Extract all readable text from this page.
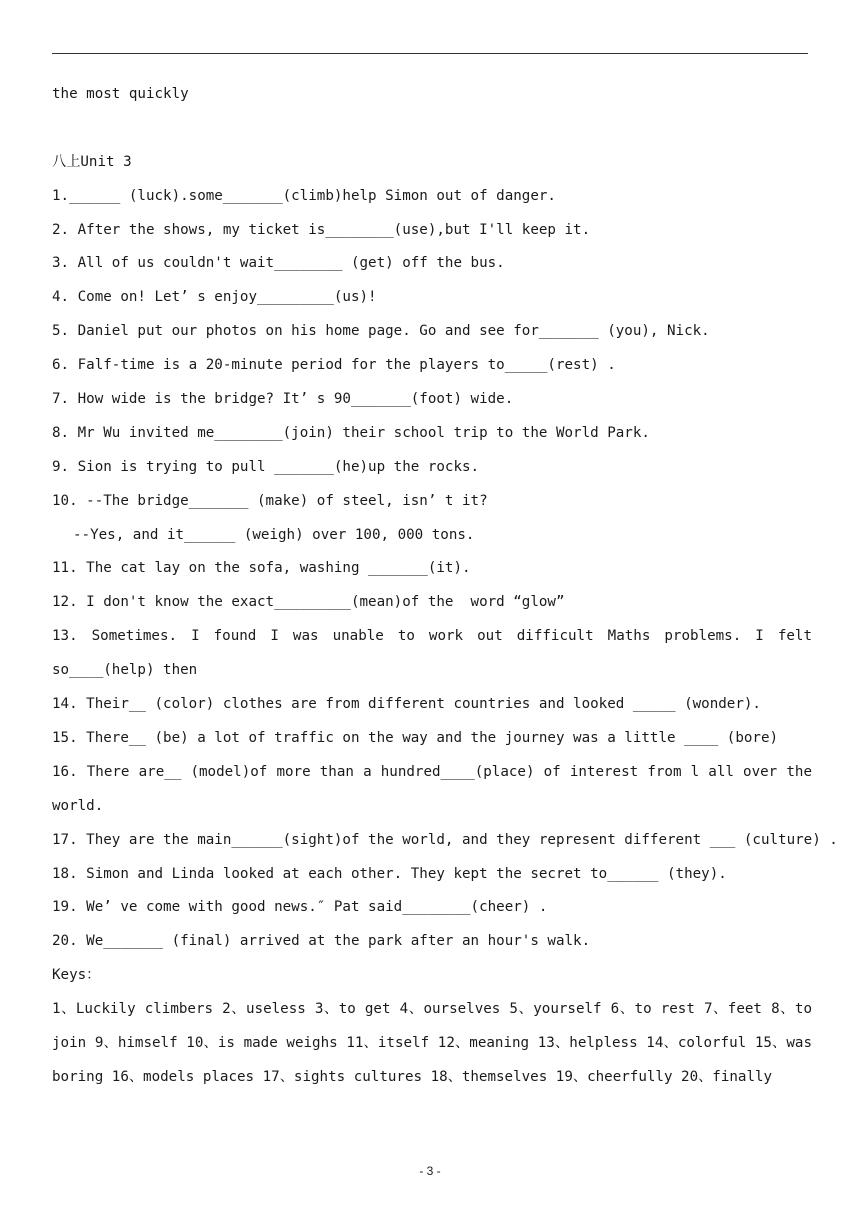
the most quickly
八上Unit 3
1.______ (luck).some_______(climb)help Simon out of danger.
2. After the shows, my ticket is________(use),but I'll keep it.
3. All of us couldn't wait________ (get) off the bus.
4. Come on! Let’ s enjoy_________(us)!
5. Daniel put our photos on his home page. Go and see for_______ (you), Nick.
6. Falf-time is a 20-minute period for the players to_____(rest) .
7. How wide is the bridge? It’ s 90_______(foot) wide.
8. Mr Wu invited me________(join) their school trip to the World Park.
9. Sion is trying to pull _______(he)up the rocks.
10. --The bridge_______ (make) of steel, isn’ t it?
--Yes, and it______ (weigh) over 100, 000 tons.
11. The cat lay on the sofa, washing _______(it).
12. I don't know the exact_________(mean)of the  word “glow”
13. Sometimes. I found I was unable to work out difficult Maths problems. I felt so____(help) then
14. Their__ (color) clothes are from different countries and looked _____ (wonder).
15. There__ (be) a lot of traffic on the way and the journey was a little ____ (bore)
16. There are__ (model)of more than a hundred____(place) of interest from l all over the world.
17. They are the main______(sight)of the world, and they represent different ___ (culture) .
18. Simon and Linda looked at each other. They kept the secret to______ (they).
19. We’ ve come with good news.″ Pat said________(cheer) .
20. We_______ (final) arrived at the park after an hour's walk.
Keys：
1、Luckily climbers 2、useless 3、to get 4、ourselves 5、yourself 6、to rest 7、feet 8、to join 9、himself 10、is made weighs 11、itself 12、meaning 13、helpless 14、colorful 15、was boring 16、models places 17、sights cultures 18、themselves 19、cheerfully 20、finally
- 3 -
